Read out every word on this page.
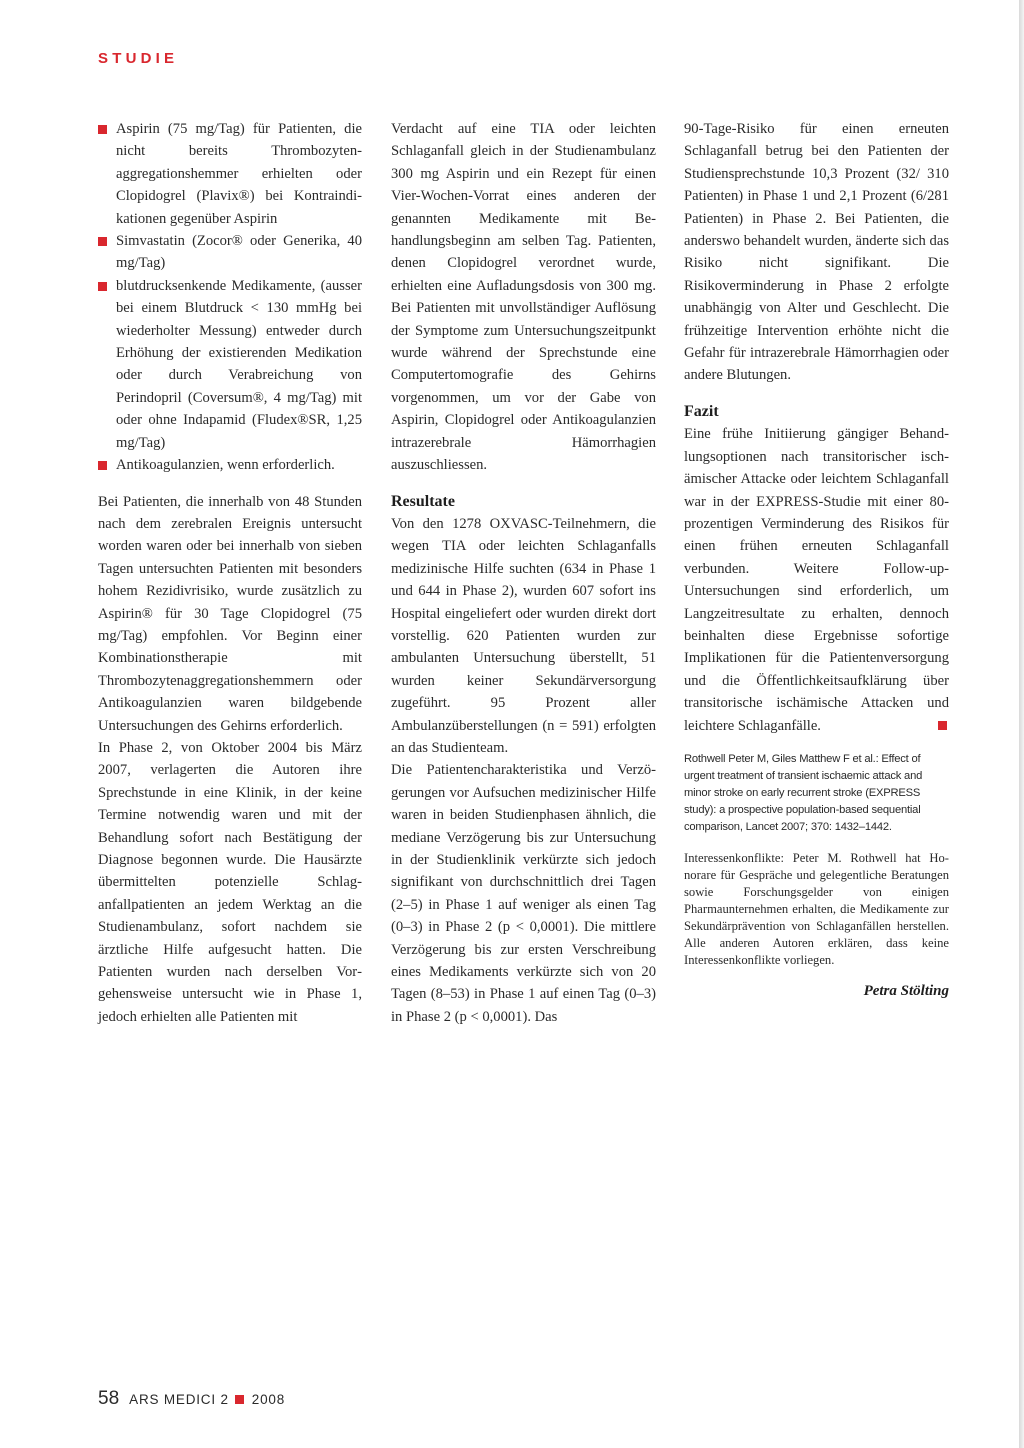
STUDIE
Aspirin (75 mg/Tag) für Patienten, die nicht bereits Thrombozytenaggregationshemmer erhielten oder Clopidogrel (Plavix®) bei Kontraindikationen gegenüber Aspirin
Simvastatin (Zocor® oder Generika, 40 mg/Tag)
blutdrucksenkende Medikamente, (ausser bei einem Blutdruck < 130 mmHg bei wiederholter Messung) entweder durch Erhöhung der existierenden Medikation oder durch Verabreichung von Perindopril (Coversum®, 4 mg/Tag) mit oder ohne Indapamid (Fludex®SR, 1,25 mg/Tag)
Antikoagulanzien, wenn erforderlich.

Bei Patienten, die innerhalb von 48 Stunden nach dem zerebralen Ereignis untersucht worden waren oder bei innerhalb von sieben Tagen untersuchten Patienten mit besonders hohem Rezidivrisiko, wurde zusätzlich zu Aspirin® für 30 Tage Clopidogrel (75 mg/Tag) empfohlen. Vor Beginn einer Kombinationstherapie mit Thrombozytenaggregationshemmern oder Antikoagulanzien waren bildgebende Untersuchungen des Gehirns erforderlich.

In Phase 2, von Oktober 2004 bis März 2007, verlagerten die Autoren ihre Sprechstunde in eine Klinik, in der keine Termine notwendig waren und mit der Behandlung sofort nach Bestätigung der Diagnose begonnen wurde. Die Hausärzte übermittelten potenzielle Schlaganfallpatienten an jedem Werktag an die Studienambulanz, sofort nachdem sie ärztliche Hilfe aufgesucht hatten. Die Patienten wurden nach derselben Vorgehensweise untersucht wie in Phase 1, jedoch erhielten alle Patienten mit

Verdacht auf eine TIA oder leichten Schlaganfall gleich in der Studienambulanz 300 mg Aspirin und ein Rezept für einen Vier-Wochen-Vorrat eines anderen der genannten Medikamente mit Behandlungsbeginn am selben Tag. Patienten, denen Clopidogrel verordnet wurde, erhielten eine Aufladungsdosis von 300 mg. Bei Patienten mit unvollständiger Auflösung der Symptome zum Untersuchungszeitpunkt wurde während der Sprechstunde eine Computertomografie des Gehirns vorgenommen, um vor der Gabe von Aspirin, Clopidogrel oder Antikoagulanzien intrazerebrale Hämorrhagien auszuschliessen.

Resultate

Von den 1278 OXVASC-Teilnehmern, die wegen TIA oder leichten Schlaganfalls medizinische Hilfe suchten (634 in Phase 1 und 644 in Phase 2), wurden 607 sofort ins Hospital eingeliefert oder wurden direkt dort vorstellig. 620 Patienten wurden zur ambulanten Untersuchung überstellt, 51 wurden keiner Sekundärversorgung zugeführt. 95 Prozent aller Ambulanzüberstellungen (n = 591) erfolgten an das Studienteam.

Die Patientencharakteristika und Verzögerungen vor Aufsuchen medizinischer Hilfe waren in beiden Studienphasen ähnlich, die mediane Verzögerung bis zur Untersuchung in der Studienklinik verkürzte sich jedoch signifikant von durchschnittlich drei Tagen (2–5) in Phase 1 auf weniger als einen Tag (0–3) in Phase 2 (p < 0,0001). Die mittlere Verzögerung bis zur ersten Verschreibung eines Medikaments verkürzte sich von 20 Tagen (8–53) in Phase 1 auf einen Tag (0–3) in Phase 2 (p < 0,0001). Das

90-Tage-Risiko für einen erneuten Schlaganfall betrug bei den Patienten der Studiensprechstunde 10,3 Prozent (32/ 310 Patienten) in Phase 1 und 2,1 Prozent (6/281 Patienten) in Phase 2. Bei Patienten, die anderswo behandelt wurden, änderte sich das Risiko nicht signifikant. Die Risikoverminderung in Phase 2 erfolgte unabhängig von Alter und Geschlecht. Die frühzeitige Intervention erhöhte nicht die Gefahr für intrazerebrale Hämorrhagien oder andere Blutungen.

Fazit

Eine frühe Initiierung gängiger Behandlungsoptionen nach transitorischer ischämischer Attacke oder leichtem Schlaganfall war in der EXPRESS-Studie mit einer 80-prozentigen Verminderung des Risikos für einen frühen erneuten Schlaganfall verbunden. Weitere Follow-up-Untersuchungen sind erforderlich, um Langzeitresultate zu erhalten, dennoch beinhalten diese Ergebnisse sofortige Implikationen für die Patientenversorgung und die Öffentlichkeitsaufklärung über transitorische ischämische Attacken und leichtere Schlaganfälle.

Rothwell Peter M, Giles Matthew F et al.: Effect of urgent treatment of transient ischaemic attack and minor stroke on early recurrent stroke (EXPRESS study): a prospective population-based sequential comparison, Lancet 2007; 370: 1432–1442.

Interessenkonflikte: Peter M. Rothwell hat Honorare für Gespräche und gelegentliche Beratungen sowie Forschungsgelder von einigen Pharmaunternehmen erhalten, die Medikamente zur Sekundärprävention von Schlaganfällen herstellen. Alle anderen Autoren erklären, dass keine Interessenkonflikte vorliegen.

Petra Stölting

58 ARS MEDICI 2 2008
